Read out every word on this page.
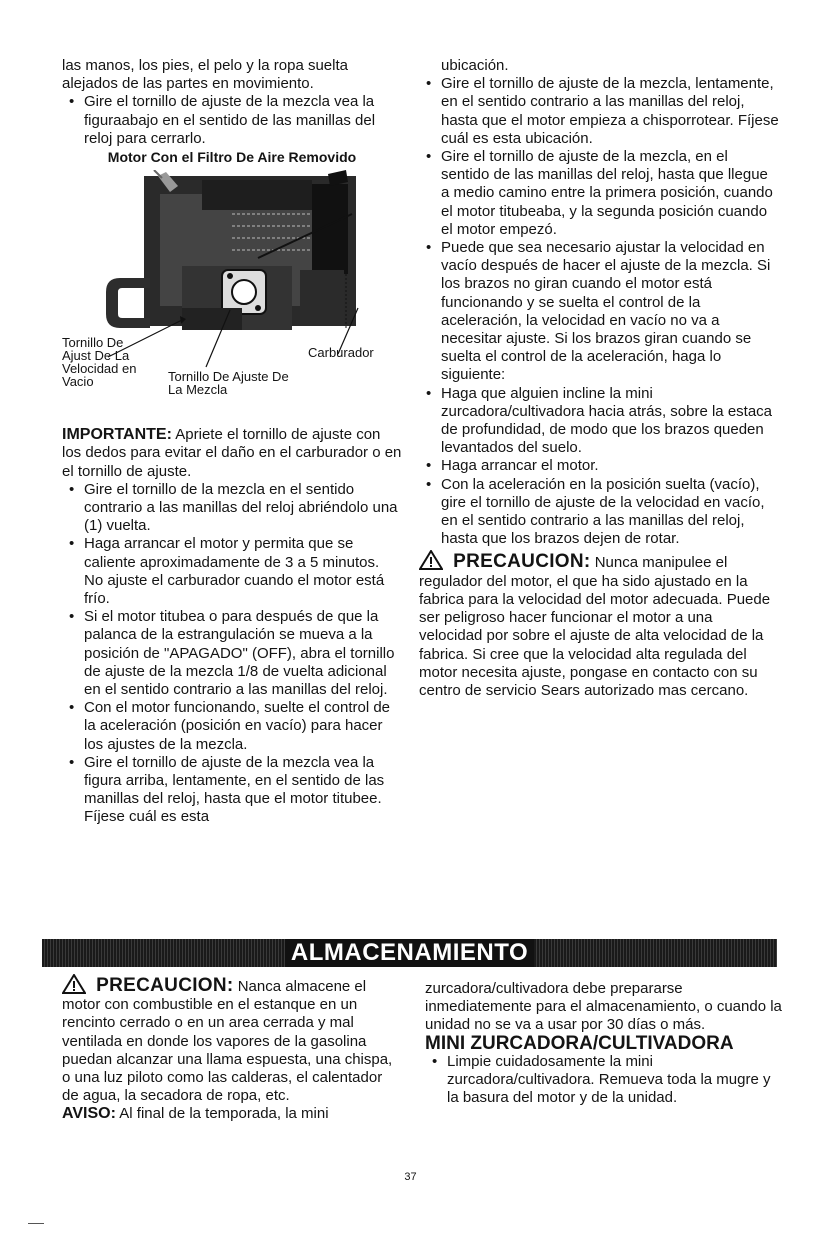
las manos, los pies, el pelo y la ropa suelta alejados de las partes en movimiento.

• Gire el tornillo de ajuste de la mezcla vea la figuraabajo en el sentido de las manillas del reloj para cerrarlo.

Motor Con el Filtro De Aire Removido

Tornillo De
Ajust De La
Velocidad en
Vacio
Carburador
Tornillo De Ajuste De
La Mezcla

IMPORTANTE: Apriete el tornillo de ajuste con los dedos para evitar el daño en el carburador o en el tornillo de ajuste.

• Gire el tornillo de la mezcla en el sentido contrario a las manillas del reloj abriéndolo una (1) vuelta.
• Haga arrancar el motor y permita que se caliente aproximadamente de 3 a 5 minutos. No ajuste el carburador cuando el motor está frío.
• Si el motor titubea o para después de que la palanca de la estrangulación se mueva a la posición de "APAGADO" (OFF), abra el tornillo de ajuste de la mezcla 1/8 de vuelta adicional en el sentido contrario a las manillas del reloj.
• Con el motor funcionando, suelte el control de la aceleración (posición en vacío) para hacer los ajustes de la mezcla.
• Gire el tornillo de ajuste de la mezcla vea la figura arriba, lentamente, en el sentido de las manillas del reloj, hasta que el motor titubee. Fíjese cuál es esta

ubicación.

• Gire el tornillo de ajuste de la mezcla, lentamente, en el sentido contrario a las manillas del reloj, hasta que el motor empieza a chisporrotear. Fíjese cuál es esta ubicación.
• Gire el tornillo de ajuste de la mezcla, en el sentido de las manillas del reloj, hasta que llegue a medio camino entre la primera posición, cuando el motor titubeaba, y la segunda posición cuando el motor empezó.
• Puede que sea necesario ajustar la velocidad en vacío después de hacer el ajuste de la mezcla. Si los brazos no giran cuando el motor está funcionando y se suelta el control de la aceleración, la velocidad en vacío no va a necesitar ajuste. Si los brazos giran cuando se suelta el control de la aceleración, haga lo siguiente:
• Haga que alguien incline la mini zurcadora/cultivadora hacia atrás, sobre la estaca de profundidad, de modo que los brazos queden levantados del suelo.
• Haga arrancar el motor.
• Con la aceleración en la posición suelta (vacío), gire el tornillo de ajuste de la velocidad en vacío, en el sentido contrario a las manillas del reloj, hasta que los brazos dejen de rotar.

PRECAUCION: Nunca manipulee el regulador del motor, el que ha sido ajustado en la fabrica para la velocidad del motor adecuada. Puede ser peligroso hacer funcionar el motor a una velocidad por sobre el ajuste de alta velocidad de la fabrica. Si cree que la velocidad alta regulada del motor necesita ajuste, pongase en contacto con su centro de servicio Sears autorizado mas cercano.

ALMACENAMIENTO

PRECAUCION: Nanca almacene el motor con combustible en el estanque en un rencinto cerrado o en un area cerrada y mal ventilada en donde los vapores de la gasolina puedan alcanzar una llama espuesta, una chispa, o una luz piloto como las calderas, el calentador de agua, la secadora de ropa, etc.

AVISO: Al final de la temporada, la mini

zurcadora/cultivadora debe prepararse inmediatemente para el almacenamiento, o cuando la unidad no se va a usar por 30 días o más.

MINI ZURCADORA/CULTIVADORA

• Limpie cuidadosamente la mini zurcadora/cultivadora. Remueva toda la mugre y la basura del motor y de la unidad.
37
